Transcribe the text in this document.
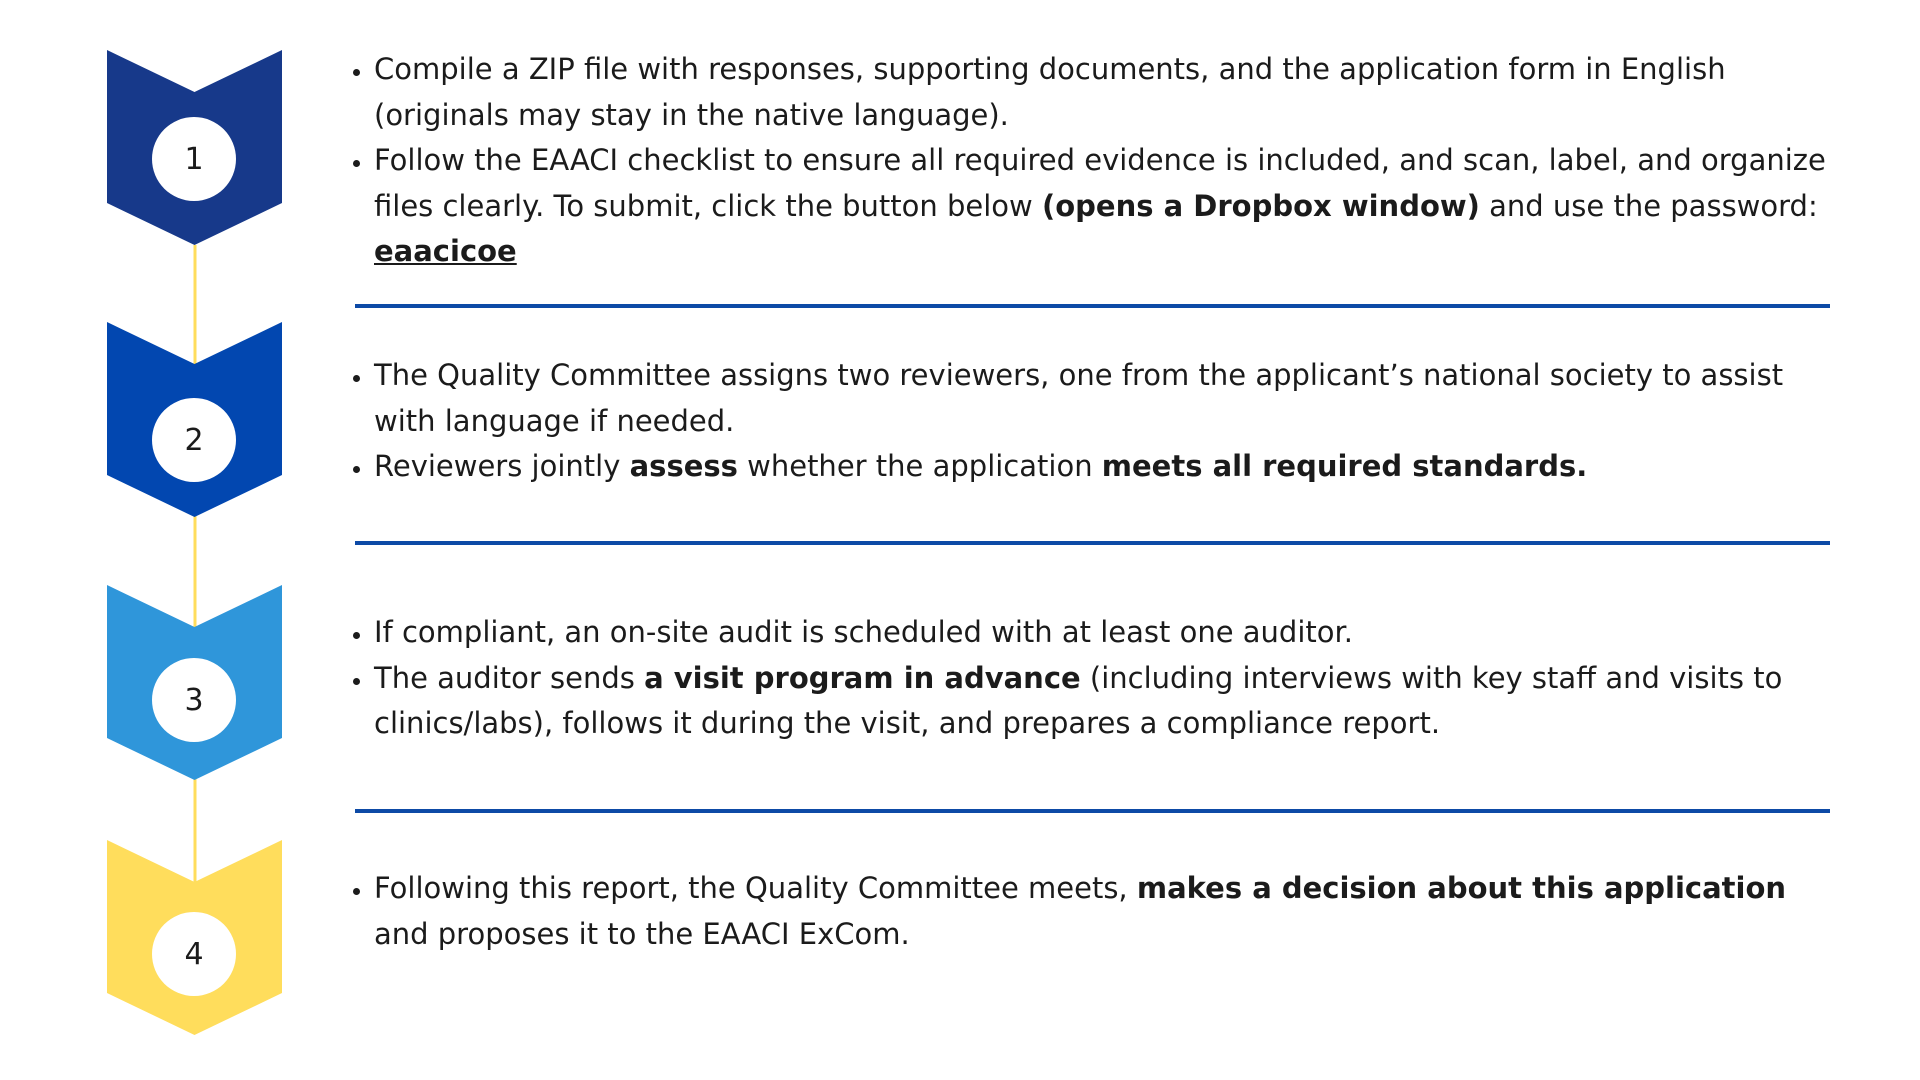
1
• Compile a ZIP file with responses, supporting documents, and the application form in English (originals may stay in the native language).
• Follow the EAACI checklist to ensure all required evidence is included, and scan, label, and organize files clearly. To submit, click the button below (opens a Dropbox window) and use the password: eaacicoe
2
• The Quality Committee assigns two reviewers, one from the applicant’s national society to assist with language if needed.
• Reviewers jointly assess whether the application meets all required standards.
3
• If compliant, an on-site audit is scheduled with at least one auditor.
• The auditor sends a visit program in advance (including interviews with key staff and visits to clinics/labs), follows it during the visit, and prepares a compliance report.
4
• Following this report, the Quality Committee meets, makes a decision about this application and proposes it to the EAACI ExCom.
